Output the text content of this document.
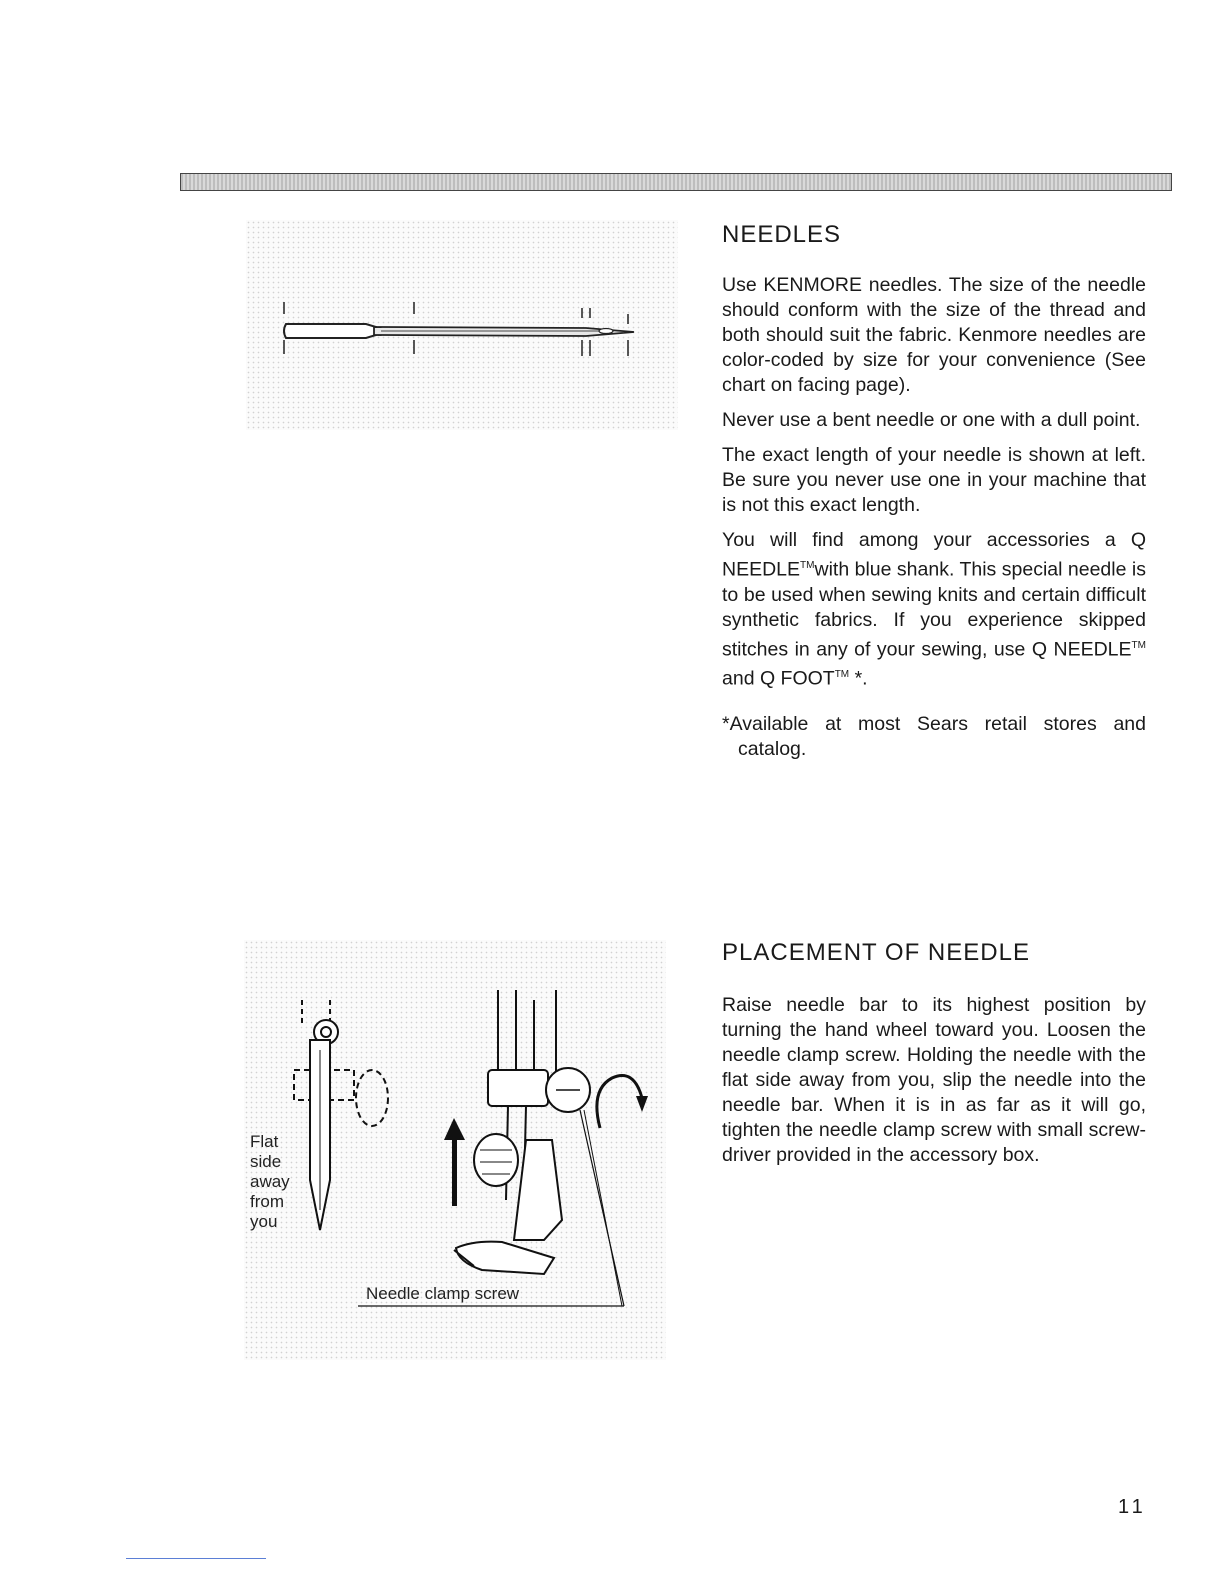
NEEDLES

Use KENMORE needles. The size of the needle should conform with the size of the thread and both should suit the fabric. Kenmore needles are color-coded by size for your convenience (See chart on facing page).

Never use a bent needle or one with a dull point.

The exact length of your needle is shown at left. Be sure you never use one in your machine that is not this exact length.

You will find among your accessories a Q NEEDLE™with blue shank. This special needle is to be used when sewing knits and certain difficult synthetic fabrics. If you experience skipped stitches in any of your sewing, use Q NEEDLE™ and Q FOOT™ *.

*Available at most Sears retail stores and catalog.

Flat
side
away
from
you
Needle clamp screw
PLACEMENT OF NEEDLE

Raise needle bar to its highest position by turning the hand wheel toward you. Loosen the needle clamp screw. Holding the needle with the flat side away from you, slip the needle into the needle bar. When it is in as far as it will go, tighten the needle clamp screw with small screw-driver provided in the accessory box.

11
